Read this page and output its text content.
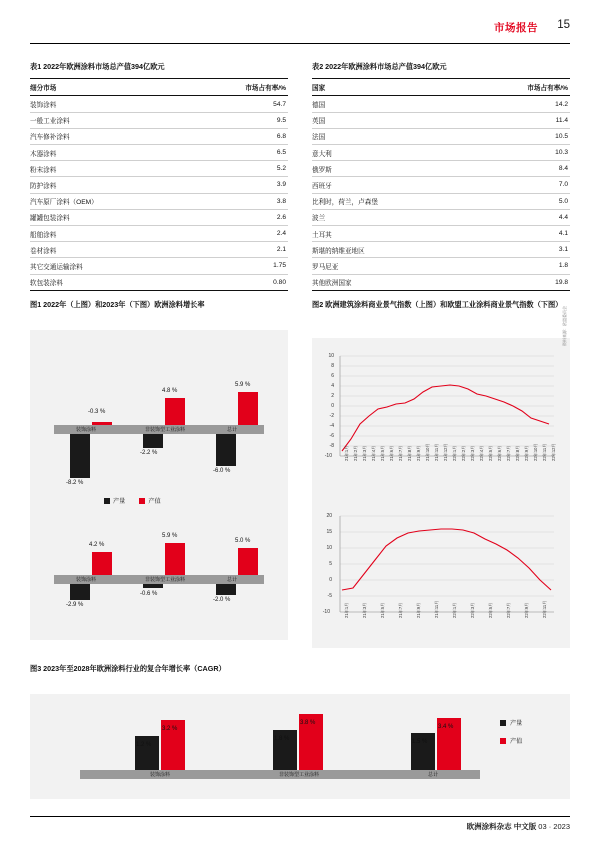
市场报告 15
表1 2022年欧洲涂料市场总产值394亿欧元
细分市场	市场占有率/%
装饰涂料	54.7
一般工业涂料	9.5
汽车修补涂料	6.8
木器涂料	6.5
粉末涂料	5.2
防护涂料	3.9
汽车原厂涂料（OEM）	3.8
罐罐包装涂料	2.6
船舶涂料	2.4
卷材涂料	2.1
其它交通运输涂料	1.75
软包装涂料	0.80
表2 2022年欧洲涂料市场总产值394亿欧元
国家	市场占有率/%
德国	14.2
英国	11.4
法国	10.5
意大利	10.3
俄罗斯	8.4
西班牙	7.0
比利时，荷兰，卢森堡	5.0
波兰	4.4
土耳其	4.1
斯堪的纳维亚地区	3.1
罗马尼亚	1.8
其他欧洲国家	19.8
图1 2022年（上图）和2023年（下图）欧洲涂料增长率
-0.3 %
-8.2 %
装饰涂料
4.8 %
-2.2 %
非装饰型工业涂料
5.9 %
-6.0 %
总计
产量	产值
4.2 %
-2.9 %
装饰涂料
5.9 %
-0.6 %
非装饰型工业涂料
5.0 %
-2.0 %
总计
图2 欧洲建筑涂料商业景气指数（上图）和欧盟工业涂料商业景气指数（下图）
资料来源：欧盟委员会
10
8
6
4
2
0
-2
-4
-6
-8
-10	21年1月 21年2月 21年3月 21年4月 21年5月 21年6月 21年7月 21年8月 21年9月 21年10月 21年11月 21年12月 22年1月 22年2月 22年3月 22年4月 22年5月 22年6月 22年7月 22年8月 22年9月 22年10月 22年11月 22年12月
20
15
10
5
0
-5
-10	21年1月	21年3月	21年5月	21年7月	21年9月	21年11月	22年1月	22年3月	22年5月	22年7月	22年9月	22年11月
图3 2023年至2028年欧洲涂料行业的复合年增长率（CAGR）
1.2 %
3.2 %
装饰涂料
1.8 %
3.8 %
非装饰型工业涂料
1.5 %
3.4 %
总计
产量
产值
欧洲涂料杂志 中文版 03 · 2023
